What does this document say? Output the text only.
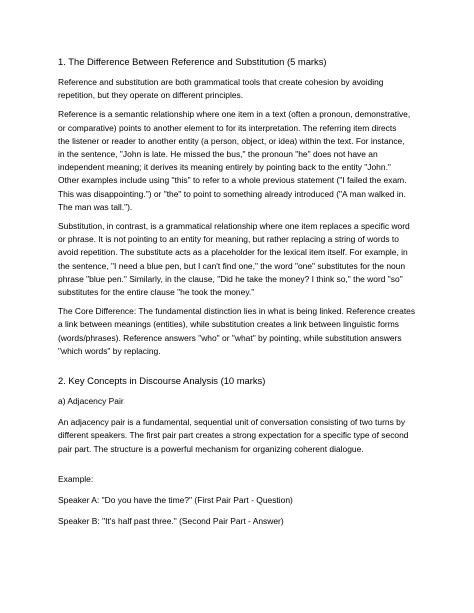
1. The Difference Between Reference and Substitution (5 marks)

Reference and substitution are both grammatical tools that create cohesion by avoiding
repetition, but they operate on different principles.

Reference is a semantic relationship where one item in a text (often a pronoun, demonstrative,
or comparative) points to another element to for its interpretation. The referring item directs
the listener or reader to another entity (a person, object, or idea) within the text. For instance,
in the sentence, "John is late. He missed the bus," the pronoun "he" does not have an
independent meaning; it derives its meaning entirely by pointing back to the entity "John."
Other examples include using "this" to refer to a whole previous statement ("I failed the exam.
This was disappointing.") or "the" to point to something already introduced ("A man walked in.
The man was tall.").

Substitution, in contrast, is a grammatical relationship where one item replaces a specific word
or phrase. It is not pointing to an entity for meaning, but rather replacing a string of words to
avoid repetition. The substitute acts as a placeholder for the lexical item itself. For example, in
the sentence, "I need a blue pen, but I can't find one," the word "one" substitutes for the noun
phrase "blue pen." Similarly, in the clause, "Did he take the money? I think so," the word "so"
substitutes for the entire clause "he took the money."

The Core Difference: The fundamental distinction lies in what is being linked. Reference creates
a link between meanings (entities), while substitution creates a link between linguistic forms
(words/phrases). Reference answers "who" or "what" by pointing, while substitution answers
"which words" by replacing.

2. Key Concepts in Discourse Analysis (10 marks)

a) Adjacency Pair

An adjacency pair is a fundamental, sequential unit of conversation consisting of two turns by
different speakers. The first pair part creates a strong expectation for a specific type of second
pair part. The structure is a powerful mechanism for organizing coherent dialogue.

Example:

Speaker A: "Do you have the time?" (First Pair Part - Question)

Speaker B: "It's half past three." (Second Pair Part - Answer)
